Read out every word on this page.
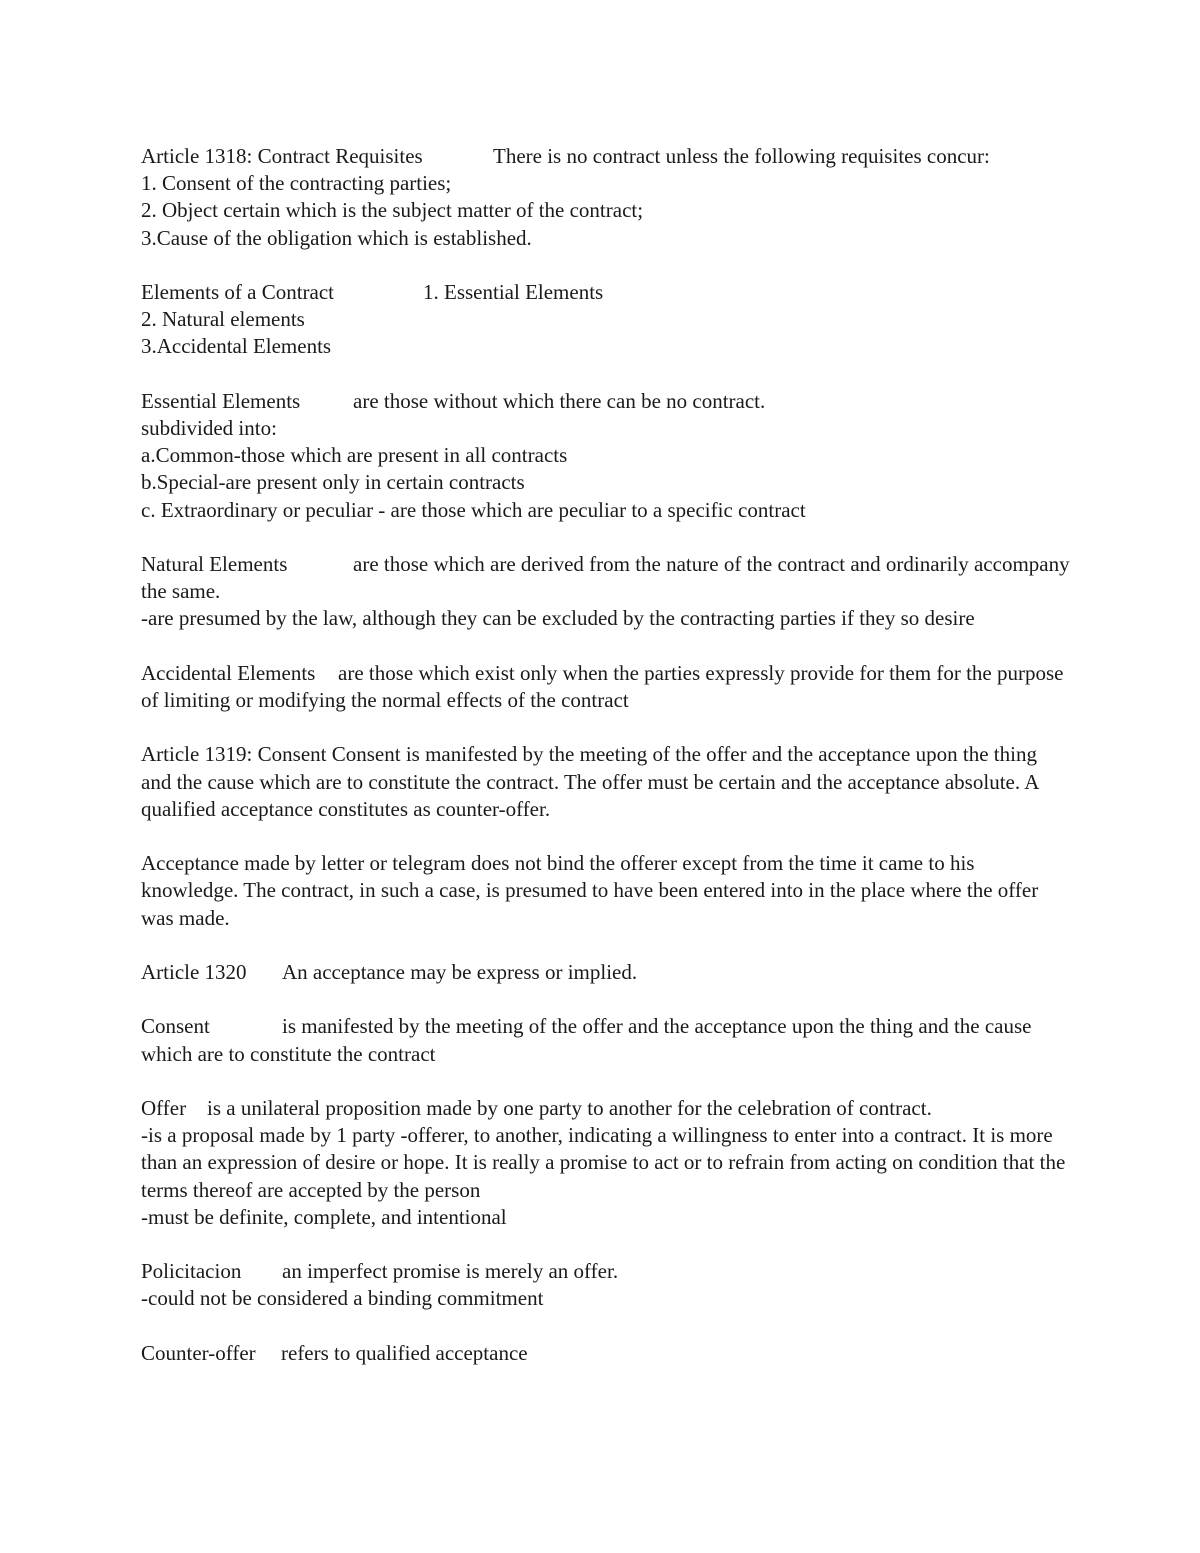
Article 1318: Contract Requisites	There is no contract unless the following requisites concur:
1. Consent of the contracting parties;
2. Object certain which is the subject matter of the contract;
3.Cause of the obligation which is established.
Elements of a Contract	1. Essential Elements
2. Natural elements
3.Accidental Elements
Essential Elements	are those without which there can be no contract.
subdivided into:
a.Common-those which are present in all contracts
b.Special-are present only in certain contracts
c. Extraordinary or peculiar - are those which are peculiar to a specific contract
Natural Elements	are those which are derived from the nature of the contract and ordinarily accompany the same.
-are presumed by the law, although they can be excluded by the contracting parties if they so desire
Accidental Elements are those which exist only when the parties expressly provide for them for the purpose of limiting or modifying the normal effects of the contract
Article 1319: Consent Consent is manifested by the meeting of the offer and the acceptance upon the thing and the cause which are to constitute the contract. The offer must be certain and the acceptance absolute. A qualified acceptance constitutes as counter-offer.
Acceptance made by letter or telegram does not bind the offerer except from the time it came to his knowledge. The contract, in such a case, is presumed to have been entered into in the place where the offer was made.
Article 1320 An acceptance may be express or implied.
Consent	is manifested by the meeting of the offer and the acceptance upon the thing and the cause which are to constitute the contract
Offer is a unilateral proposition made by one party to another for the celebration of contract.
-is a proposal made by 1 party -offerer, to another, indicating a willingness to enter into a contract. It is more than an expression of desire or hope. It is really a promise to act or to refrain from acting on condition that the terms thereof are accepted by the person
-must be definite, complete, and intentional
Policitacion an imperfect promise is merely an offer.
-could not be considered a binding commitment
Counter-offer refers to qualified acceptance
